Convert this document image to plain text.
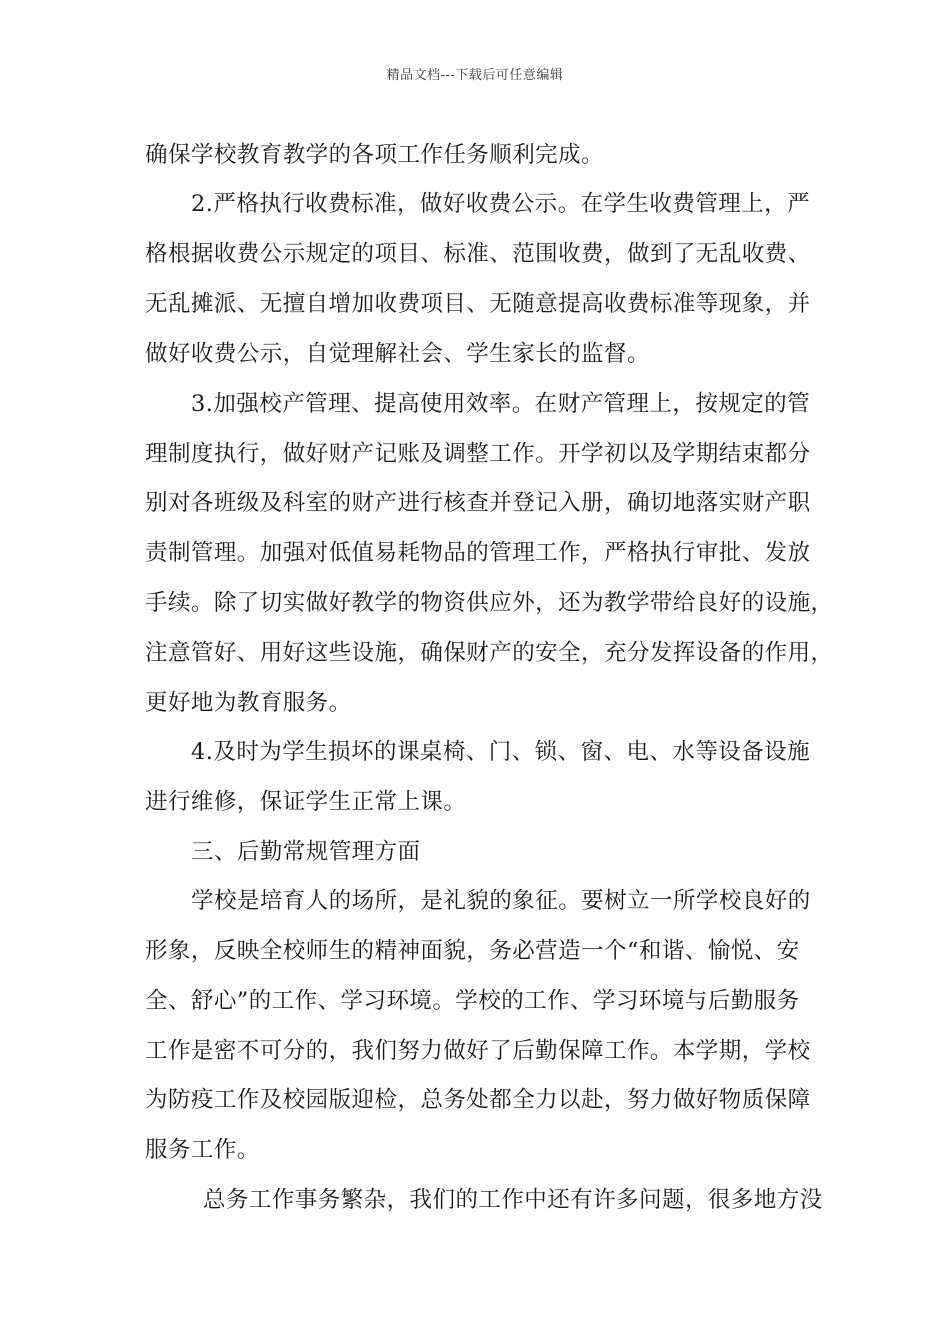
精品文档---下载后可任意编辑
确保学校教育教学的各项工作任务顺利完成。
2.严格执行收费标准，做好收费公示。在学生收费管理上，严
格根据收费公示规定的项目、标准、范围收费，做到了无乱收费、
无乱摊派、无擅自增加收费项目、无随意提高收费标准等现象，并
做好收费公示，自觉理解社会、学生家长的监督。
3.加强校产管理、提高使用效率。在财产管理上，按规定的管
理制度执行，做好财产记账及调整工作。开学初以及学期结束都分
别对各班级及科室的财产进行核查并登记入册，确切地落实财产职
责制管理。加强对低值易耗物品的管理工作，严格执行审批、发放
手续。除了切实做好教学的物资供应外，还为教学带给良好的设施，
注意管好、用好这些设施，确保财产的安全，充分发挥设备的作用，
更好地为教育服务。
4.及时为学生损坏的课桌椅、门、锁、窗、电、水等设备设施
进行维修，保证学生正常上课。
三、后勤常规管理方面
学校是培育人的场所，是礼貌的象征。要树立一所学校良好的
形象，反映全校师生的精神面貌，务必营造一个“和谐、愉悦、安
全、舒心”的工作、学习环境。学校的工作、学习环境与后勤服务
工作是密不可分的，我们努力做好了后勤保障工作。本学期，学校
为防疫工作及校园版迎检，总务处都全力以赴，努力做好物质保障
服务工作。
总务工作事务繁杂，我们的工作中还有许多问题，很多地方没
